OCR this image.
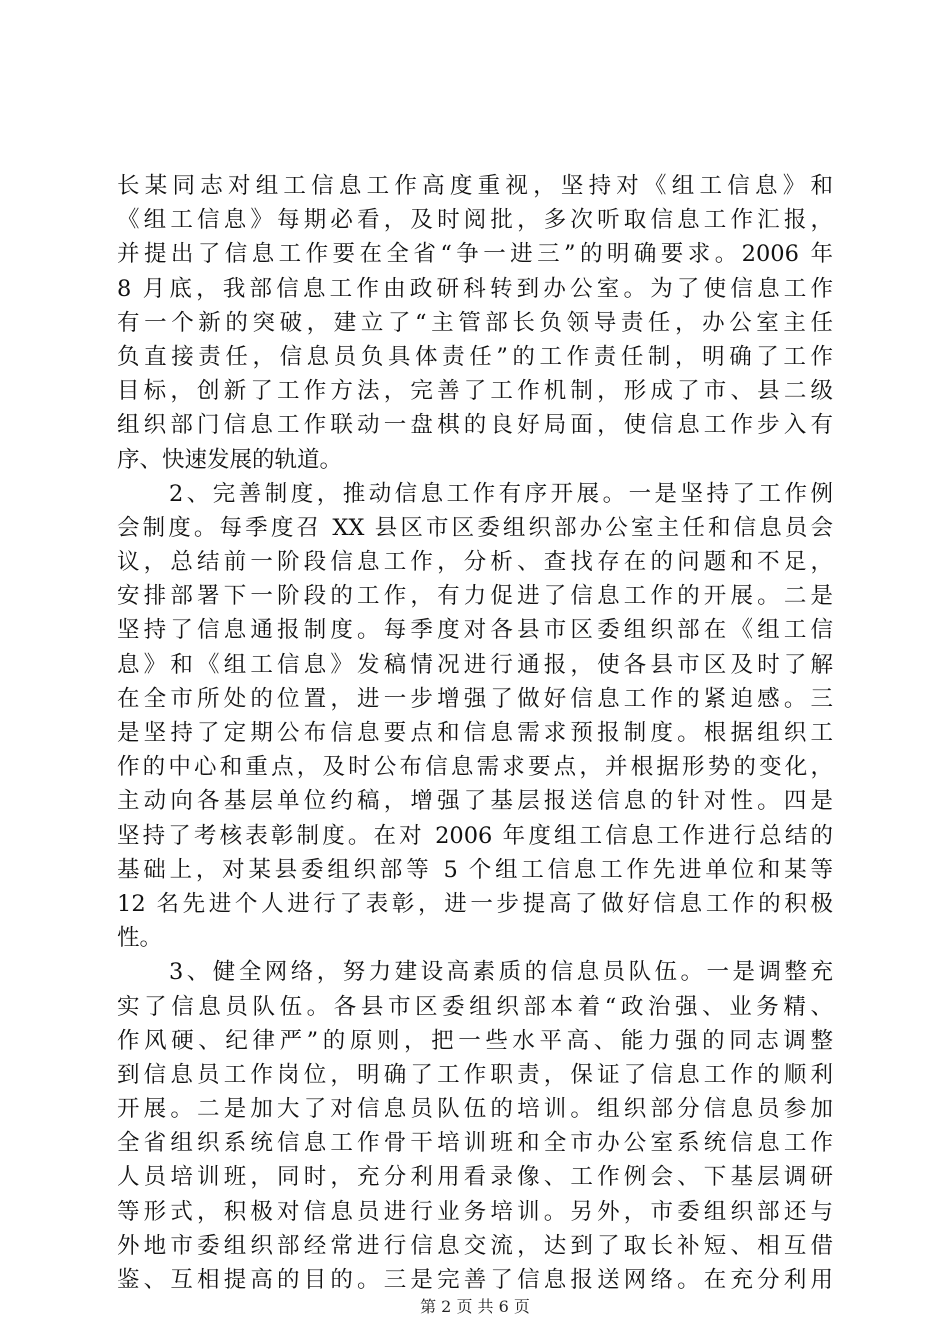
长某同志对组工信息工作高度重视，坚持对《组工信息》和
《组工信息》每期必看，及时阅批，多次听取信息工作汇报，
并提出了信息工作要在全省“争一进三”的明确要求。2006 年
8 月底，我部信息工作由政研科转到办公室。为了使信息工作
有一个新的突破，建立了“主管部长负领导责任，办公室主任
负直接责任，信息员负具体责任”的工作责任制，明确了工作
目标，创新了工作方法，完善了工作机制，形成了市、县二级
组织部门信息工作联动一盘棋的良好局面，使信息工作步入有
序、快速发展的轨道。
　　2、完善制度，推动信息工作有序开展。一是坚持了工作例
会制度。每季度召 XX 县区市区委组织部办公室主任和信息员会
议，总结前一阶段信息工作，分析、查找存在的问题和不足，
安排部署下一阶段的工作，有力促进了信息工作的开展。二是
坚持了信息通报制度。每季度对各县市区委组织部在《组工信
息》和《组工信息》发稿情况进行通报，使各县市区及时了解
在全市所处的位置，进一步增强了做好信息工作的紧迫感。三
是坚持了定期公布信息要点和信息需求预报制度。根据组织工
作的中心和重点，及时公布信息需求要点，并根据形势的变化，
主动向各基层单位约稿，增强了基层报送信息的针对性。四是
坚持了考核表彰制度。在对 2006 年度组工信息工作进行总结的
基础上，对某县委组织部等 5 个组工信息工作先进单位和某等
12 名先进个人进行了表彰，进一步提高了做好信息工作的积极
性。
　　3、健全网络，努力建设高素质的信息员队伍。一是调整充
实了信息员队伍。各县市区委组织部本着“政治强、业务精、
作风硬、纪律严”的原则，把一些水平高、能力强的同志调整
到信息员工作岗位，明确了工作职责，保证了信息工作的顺利
开展。二是加大了对信息员队伍的培训。组织部分信息员参加
全省组织系统信息工作骨干培训班和全市办公室系统信息工作
人员培训班，同时，充分利用看录像、工作例会、下基层调研
等形式，积极对信息员进行业务培训。另外，市委组织部还与
外地市委组织部经常进行信息交流，达到了取长补短、相互借
鉴、互相提高的目的。三是完善了信息报送网络。在充分利用
第 2 页 共 6 页
